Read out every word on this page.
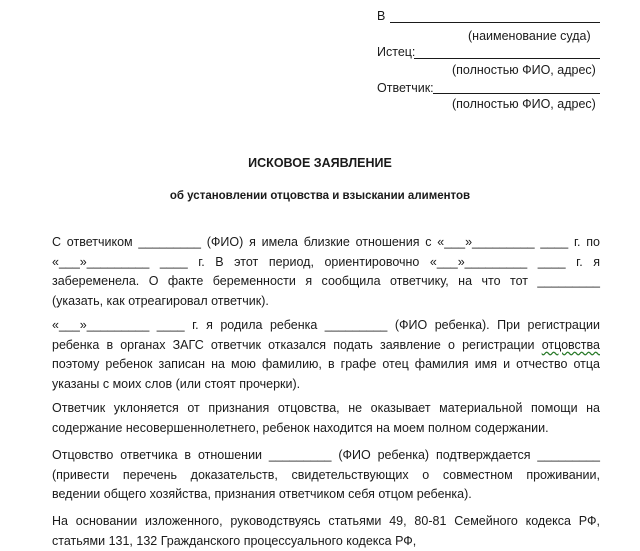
В
(наименование суда)
Истец:
(полностью ФИО, адрес)
Ответчик:
(полностью ФИО, адрес)
ИСКОВОЕ ЗАЯВЛЕНИЕ
об установлении отцовства и взыскании алиментов
С ответчиком _________ (ФИО) я имела близкие отношения с «___»_________ ____ г. по
«___»_________ ____ г. В этот период, ориентировочно «___»_________ ____ г. я
забеременела. О факте беременности я сообщила ответчику, на что тот _________
(указать, как отреагировал ответчик).
«___»_________ ____ г. я родила ребенка _________ (ФИО ребенка). При регистрации
ребенка в органах ЗАГС ответчик отказался подать заявление о регистрации отцовства
поэтому ребенок записан на мою фамилию, в графе отец фамилия имя и отчество отца
указаны с моих слов (или стоят прочерки).
Ответчик уклоняется от признания отцовства, не оказывает материальной помощи на
содержание несовершеннолетнего, ребенок находится на моем полном содержании.
Отцовство ответчика в отношении _________ (ФИО ребенка) подтверждается _________
(привести перечень доказательств, свидетельствующих о совместном проживании,
ведении общего хозяйства, признания ответчиком себя отцом ребенка).
На основании изложенного, руководствуясь статьями 49, 80-81 Семейного кодекса РФ,
статьями 131, 132 Гражданского процессуального кодекса РФ,
